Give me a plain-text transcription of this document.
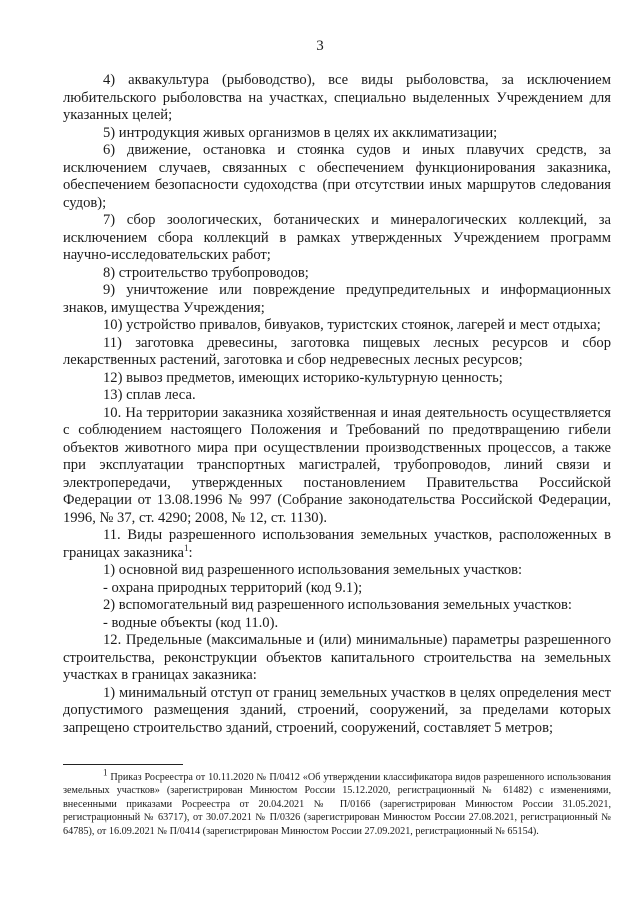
3

4) аквакультура (рыбоводство), все виды рыболовства, за исключением любительского рыболовства на участках, специально выделенных Учреждением для указанных целей;

5) интродукция живых организмов в целях их акклиматизации;

6) движение, остановка и стоянка судов и иных плавучих средств, за исключением случаев, связанных с обеспечением функционирования заказника, обеспечением безопасности судоходства (при отсутствии иных маршрутов следования судов);

7) сбор зоологических, ботанических и минералогических коллекций, за исключением сбора коллекций в рамках утвержденных Учреждением программ научно-исследовательских работ;

8) строительство трубопроводов;

9) уничтожение или повреждение предупредительных и информационных знаков, имущества Учреждения;

10) устройство привалов, бивуаков, туристских стоянок, лагерей и мест отдыха;

11) заготовка древесины, заготовка пищевых лесных ресурсов и сбор лекарственных растений, заготовка и сбор недревесных лесных ресурсов;

12) вывоз предметов, имеющих историко-культурную ценность;

13) сплав леса.

10. На территории заказника хозяйственная и иная деятельность осуществляется с соблюдением настоящего Положения и Требований по предотвращению гибели объектов животного мира при осуществлении производственных процессов, а также при эксплуатации транспортных магистралей, трубопроводов, линий связи и электропередачи, утвержденных постановлением Правительства Российской Федерации от 13.08.1996 № 997 (Собрание законодательства Российской Федерации, 1996, № 37, ст. 4290; 2008, № 12, ст. 1130).

11. Виды разрешенного использования земельных участков, расположенных в границах заказника$^1$:

1) основной вид разрешенного использования земельных участков:

- охрана природных территорий (код 9.1);

2) вспомогательный вид разрешенного использования земельных участков:

- водные объекты (код 11.0).

12. Предельные (максимальные и (или) минимальные) параметры разрешенного строительства, реконструкции объектов капитального строительства на земельных участках в границах заказника:

1) минимальный отступ от границ земельных участков в целях определения мест допустимого размещения зданий, строений, сооружений, за пределами которых запрещено строительство зданий, строений, сооружений, составляет 5 метров;

$^1$ Приказ Росреестра от 10.11.2020 № П/0412 «Об утверждении классификатора видов разрешенного использования земельных участков» (зарегистрирован Минюстом России 15.12.2020, регистрационный № 61482) с изменениями, внесенными приказами Росреестра от 20.04.2021 № П/0166 (зарегистрирован Минюстом России 31.05.2021, регистрационный № 63717), от 30.07.2021 № П/0326 (зарегистрирован Минюстом России 27.08.2021, регистрационный № 64785), от 16.09.2021 № П/0414 (зарегистрирован Минюстом России 27.09.2021, регистрационный № 65154).
